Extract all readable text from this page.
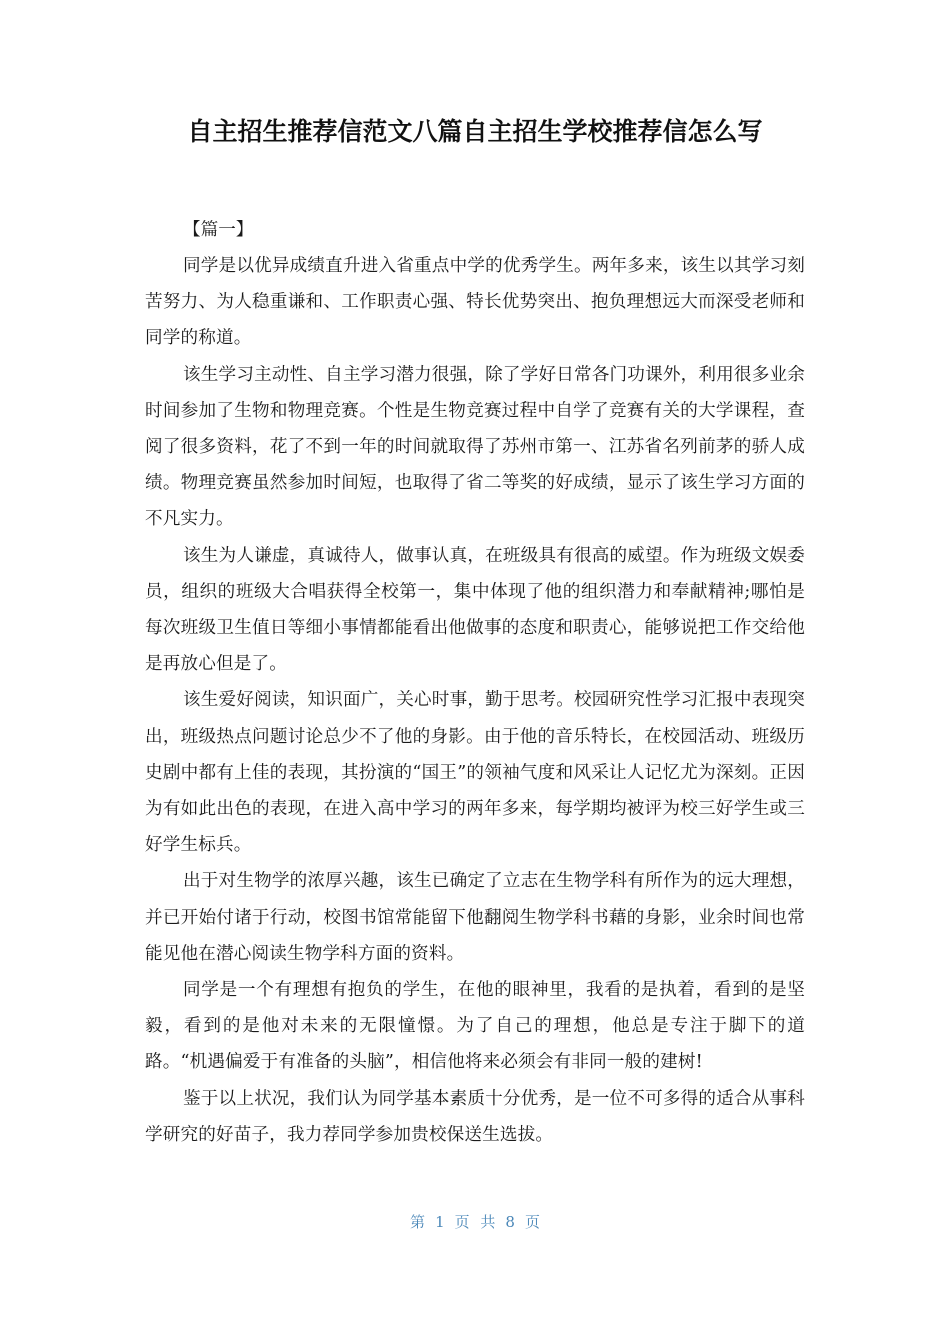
自主招生推荐信范文八篇自主招生学校推荐信怎么写

【篇一】

同学是以优异成绩直升进入省重点中学的优秀学生。两年多来，该生以其学习刻苦努力、为人稳重谦和、工作职责心强、特长优势突出、抱负理想远大而深受老师和同学的称道。

该生学习主动性、自主学习潜力很强，除了学好日常各门功课外，利用很多业余时间参加了生物和物理竞赛。个性是生物竞赛过程中自学了竞赛有关的大学课程，查阅了很多资料，花了不到一年的时间就取得了苏州市第一、江苏省名列前茅的骄人成绩。物理竞赛虽然参加时间短，也取得了省二等奖的好成绩，显示了该生学习方面的不凡实力。

该生为人谦虚，真诚待人，做事认真，在班级具有很高的威望。作为班级文娱委员，组织的班级大合唱获得全校第一，集中体现了他的组织潜力和奉献精神;哪怕是每次班级卫生值日等细小事情都能看出他做事的态度和职责心，能够说把工作交给他是再放心但是了。

该生爱好阅读，知识面广，关心时事，勤于思考。校园研究性学习汇报中表现突出，班级热点问题讨论总少不了他的身影。由于他的音乐特长，在校园活动、班级历史剧中都有上佳的表现，其扮演的“国王”的领袖气度和风采让人记忆尤为深刻。正因为有如此出色的表现，在进入高中学习的两年多来，每学期均被评为校三好学生或三好学生标兵。

出于对生物学的浓厚兴趣，该生已确定了立志在生物学科有所作为的远大理想，并已开始付诸于行动，校图书馆常能留下他翻阅生物学科书藉的身影，业余时间也常能见他在潜心阅读生物学科方面的资料。

同学是一个有理想有抱负的学生，在他的眼神里，我看的是执着，看到的是坚毅，看到的是他对未来的无限憧憬。为了自己的理想，他总是专注于脚下的道路。“机遇偏爱于有准备的头脑”，相信他将来必须会有非同一般的建树!

鉴于以上状况，我们认为同学基本素质十分优秀，是一位不可多得的适合从事科学研究的好苗子，我力荐同学参加贵校保送生选拔。

第 1 页 共 8 页
